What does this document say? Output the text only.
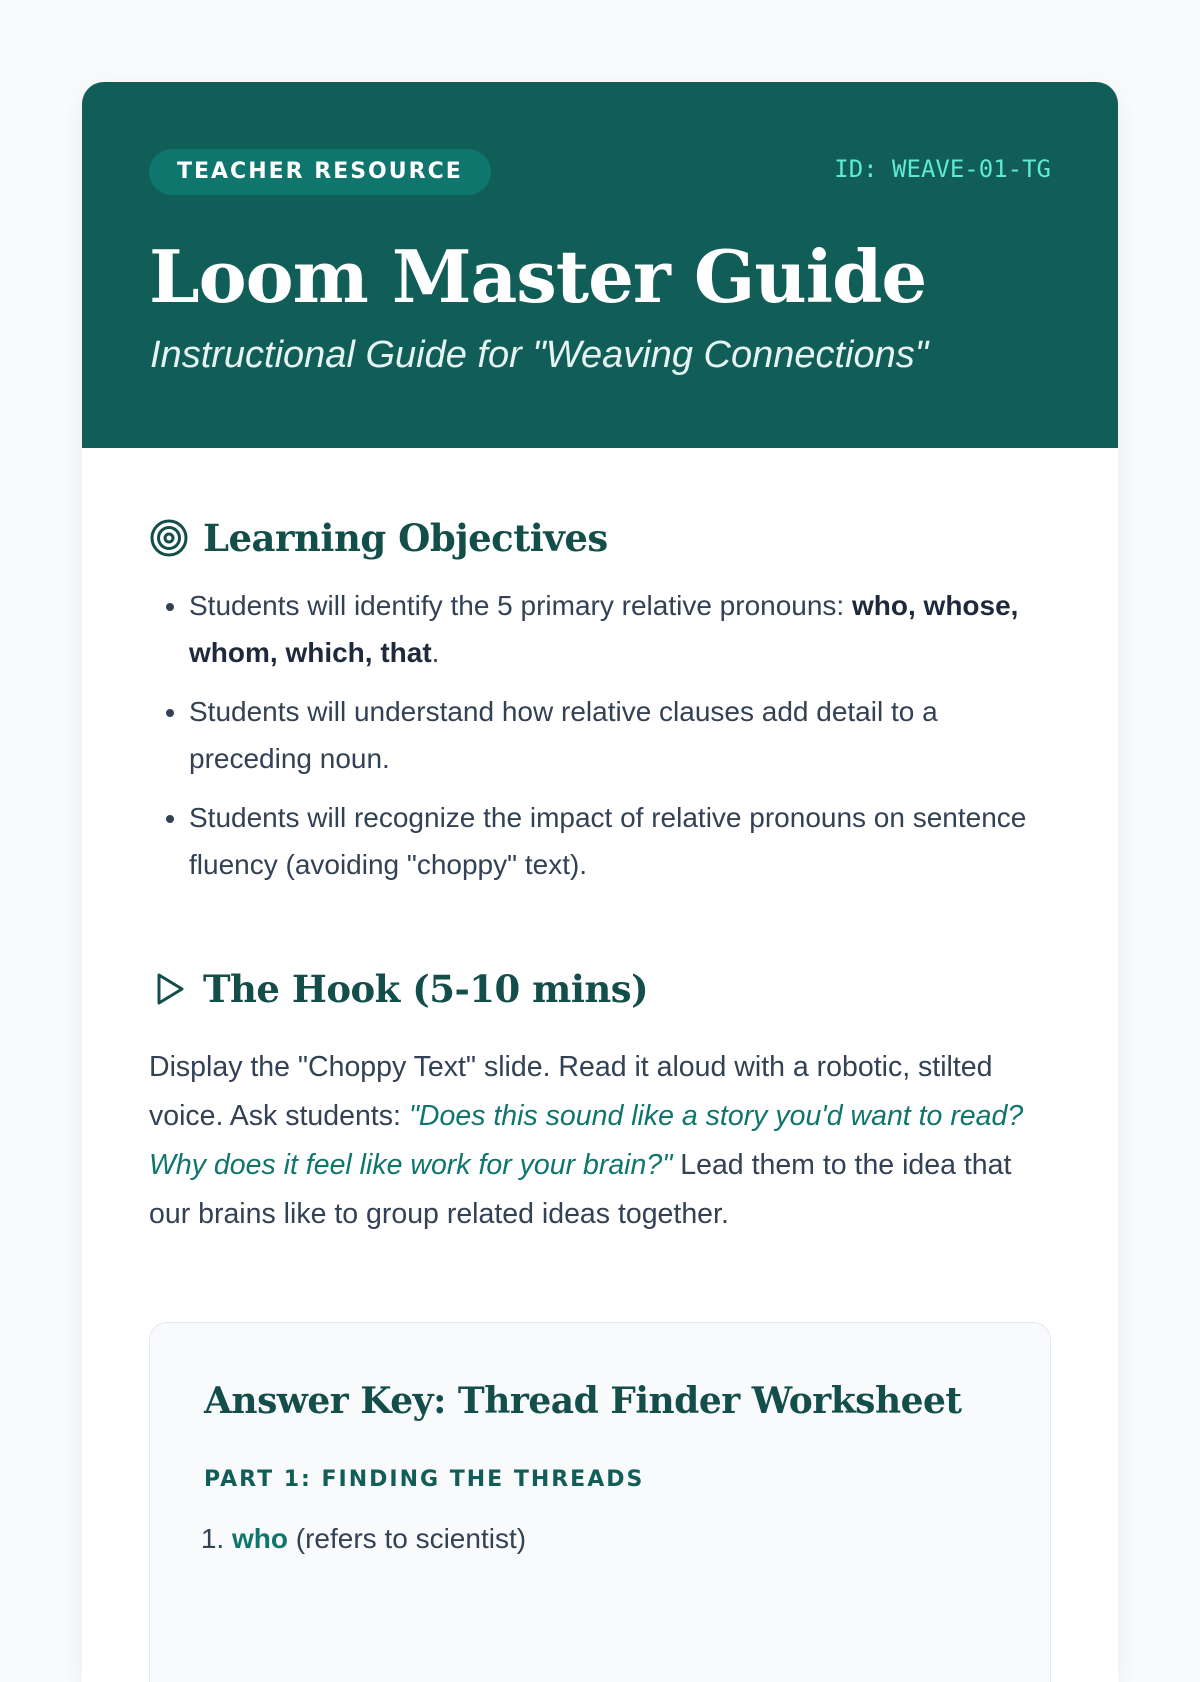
TEACHER RESOURCE	ID: WEAVE-01-TG
Loom Master Guide

Instructional Guide for "Weaving Connections"

Learning Objectives
• Students will identify the 5 primary relative pronouns: who, whose, whom, which, that.
• Students will understand how relative clauses add detail to a preceding noun.
• Students will recognize the impact of relative pronouns on sentence fluency (avoiding "choppy" text).
The Hook (5-10 mins)

Display the "Choppy Text" slide. Read it aloud with a robotic, stilted voice. Ask students: "Does this sound like a story you'd want to read? Why does it feel like work for your brain?" Lead them to the idea that our brains like to group related ideas together.

Answer Key: Thread Finder Worksheet
PART 1: FINDING THE THREADS
1. who (refers to scientist)
